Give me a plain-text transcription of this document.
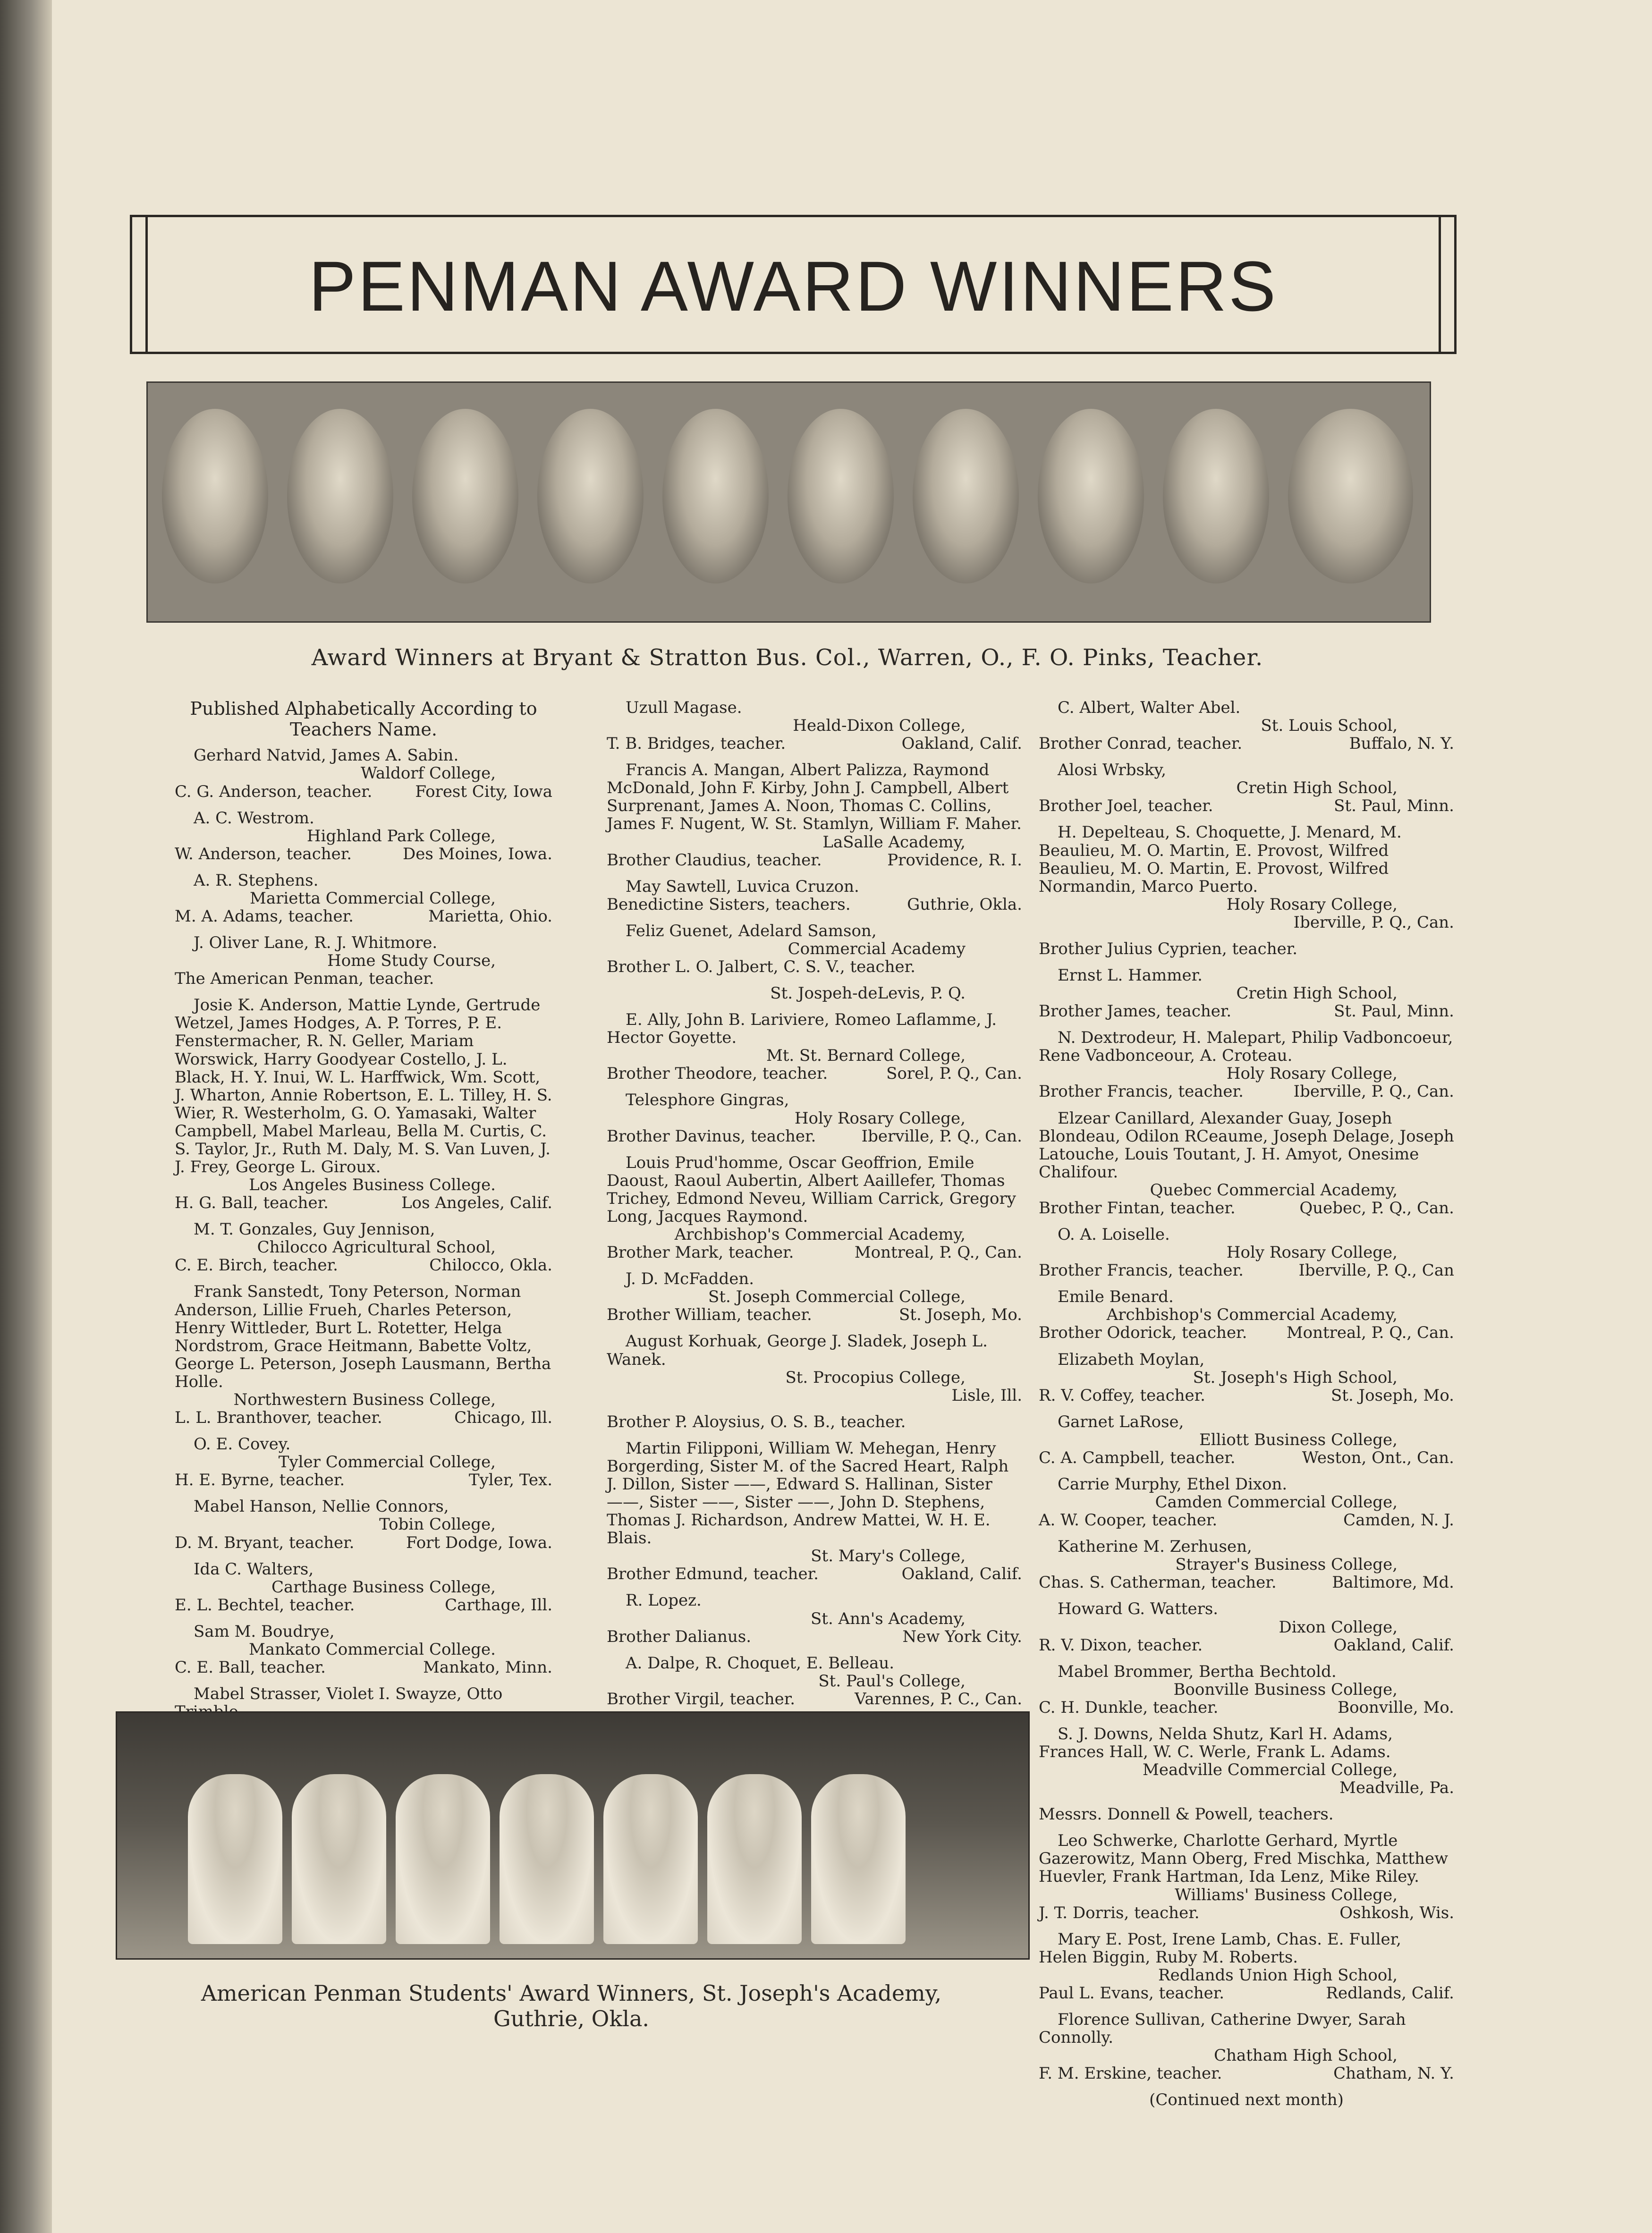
PENMAN AWARD WINNERS
Award Winners at Bryant & Stratton Bus. Col., Warren, O., F. O. Pinks, Teacher.
Published Alphabetically According to Teachers Name.
Gerhard Natvid, James A. Sabin.
Waldorf College,
C. G. Anderson, teacher.	Forest City, Iowa
A. C. Westrom.
Highland Park College,
W. Anderson, teacher.	Des Moines, Iowa.
A. R. Stephens.
Marietta Commercial College,
M. A. Adams, teacher.	Marietta, Ohio.
J. Oliver Lane, R. J. Whitmore.
Home Study Course,
The American Penman, teacher.
Josie K. Anderson, Mattie Lynde, Gertrude Wetzel, James Hodges, A. P. Torres, P. E. Fenstermacher, R. N. Geller, Mariam Worswick, Harry Goodyear Costello, J. L. Black, H. Y. Inui, W. L. Harffwick, Wm. Scott, J. Wharton, Annie Robertson, E. L. Tilley, H. S. Wier, R. Westerholm, G. O. Yamasaki, Walter Campbell, Mabel Marleau, Bella M. Curtis, C. S. Taylor, Jr., Ruth M. Daly, M. S. Van Luven, J. J. Frey, George L. Giroux.
Los Angeles Business College.
H. G. Ball, teacher.	Los Angeles, Calif.
M. T. Gonzales, Guy Jennison,
Chilocco Agricultural School,
C. E. Birch, teacher.	Chilocco, Okla.
Frank Sanstedt, Tony Peterson, Norman Anderson, Lillie Frueh, Charles Peterson, Henry Wittleder, Burt L. Rotetter, Helga Nordstrom, Grace Heitmann, Babette Voltz, George L. Peterson, Joseph Lausmann, Bertha Holle.
Northwestern Business College,
L. L. Branthover, teacher.	Chicago, Ill.
O. E. Covey.
Tyler Commercial College,
H. E. Byrne, teacher.	Tyler, Tex.
Mabel Hanson, Nellie Connors,
Tobin College,
D. M. Bryant, teacher.	Fort Dodge, Iowa.
Ida C. Walters,
Carthage Business College,
E. L. Bechtel, teacher.	Carthage, Ill.
Sam M. Boudrye,
Mankato Commercial College.
C. E. Ball, teacher.	Mankato, Minn.
Mabel Strasser, Violet I. Swayze, Otto
Uzull Magase.
Heald-Dixon College,
T. B. Bridges, teacher.	Oakland, Calif.
Francis A. Mangan, Albert Palizza, Raymond McDonald, John F. Kirby, John J. Campbell, Albert Surprenant, James A. Noon, Thomas C. Collins, James F. Nugent, W. St. Stamlyn, William F. Maher.
LaSalle Academy,
Brother Claudius, teacher.	Providence, R. I.
May Sawtell, Luvica Cruzon.
Benedictine Sisters, teachers.	Guthrie, Okla.
Feliz Guenet, Adelard Samson,
Commercial Academy
Brother L. O. Jalbert, C. S. V., teacher.
St. Jospeh-deLevis, P. Q.
E. Ally, John B. Lariviere, Romeo Laflamme, J. Hector Goyette.
Mt. St. Bernard College,
Brother Theodore, teacher.	Sorel, P. Q., Can.
Telesphore Gingras,
Holy Rosary College,
Brother Davinus, teacher.	Iberville, P. Q., Can.
Louis Prud'homme, Oscar Geoffrion, Emile Daoust, Raoul Aubertin, Albert Aaillefer, Thomas Trichey, Edmond Neveu, William Carrick, Gregory Long, Jacques Raymond.
Archbishop's Commercial Academy,
Brother Mark, teacher.	Montreal, P. Q., Can.
J. D. McFadden.
St. Joseph Commercial College,
Brother William, teacher.	St. Joseph, Mo.
August Korhuak, George J. Sladek, Joseph L. Wanek.
St. Procopius College,
Lisle, Ill.
Brother P. Aloysius, O. S. B., teacher.
Martin Filipponi, William W. Mehegan, Henry Borgerding, Sister M. of the Sacred Heart, Ralph J. Dillon, Sister ——, Edward S. Hallinan, Sister ——, Sister ——, Sister ——, John D. Stephens, Thomas J. Richardson, Andrew Mattei, W. H. E. Blais.
St. Mary's College,
Brother Edmund, teacher.	Oakland, Calif.
R. Lopez.
St. Ann's Academy,
Brother Dalianus.	New York City.
A. Dalpe, R. Choquet, E. Belleau.
St. Paul's College,
Brother Virgil, teacher.	Varennes, P. C., Can.
C. Albert, Walter Abel.
St. Louis School,
Brother Conrad, teacher.	Buffalo, N. Y.
Alosi Wrbsky,
Cretin High School,
Brother Joel, teacher.	St. Paul, Minn.
H. Depelteau, S. Choquette, J. Menard, M. Beaulieu, M. O. Martin, E. Provost, Wilfred Beaulieu, M. O. Martin, E. Provost, Wilfred Normandin, Marco Puerto.
Holy Rosary College,
Iberville, P. Q., Can.
Brother Julius Cyprien, teacher.
Ernst L. Hammer.
Cretin High School,
Brother James, teacher.	St. Paul, Minn.
N. Dextrodeur, H. Malepart, Philip Vadboncoeur, Rene Vadbonceour, A. Croteau.
Holy Rosary College,
Brother Francis, teacher.	Iberville, P. Q., Can.
Elzear Canillard, Alexander Guay, Joseph Blondeau, Odilon RCeaume, Joseph Delage, Joseph Latouche, Louis Toutant, J. H. Amyot, Onesime Chalifour.
Quebec Commercial Academy,
Brother Fintan, teacher.	Quebec, P. Q., Can.
O. A. Loiselle.
Holy Rosary College,
Brother Francis, teacher.	Iberville, P. Q., Can
Emile Benard.
Archbishop's Commercial Academy,
Brother Odorick, teacher. Montreal, P. Q., Can.
Elizabeth Moylan,
St. Joseph's High School,
R. V. Coffey, teacher.	St. Joseph, Mo.
Garnet LaRose,
Elliott Business College,
C. A. Campbell, teacher.	Weston, Ont., Can.
Carrie Murphy, Ethel Dixon.
Camden Commercial College,
A. W. Cooper, teacher.	Camden, N. J.
Katherine M. Zerhusen,
Strayer's Business College,
Chas. S. Catherman, teacher.	Baltimore, Md.
Howard G. Watters.
Dixon College,
R. V. Dixon, teacher.	Oakland, Calif.
Mabel Brommer, Bertha Bechtold.
Boonville Business College,
C. H. Dunkle, teacher.	Boonville, Mo.
S. J. Downs, Nelda Shutz, Karl H. Adams, Frances Hall, W. C. Werle, Frank L. Adams.
Meadville Commercial College,
Meadville, Pa.
Messrs. Donnell & Powell, teachers.
Leo Schwerke, Charlotte Gerhard, Myrtle Gazerowitz, Mann Oberg, Fred Mischka, Matthew Huevler, Frank Hartman, Ida Lenz, Mike Riley.
Williams' Business College,
J. T. Dorris, teacher.	Oshkosh, Wis.
Mary E. Post, Irene Lamb, Chas. E. Fuller, Helen Biggin, Ruby M. Roberts.
Redlands Union High School,
Paul L. Evans, teacher.	Redlands, Calif.
Florence Sullivan, Catherine Dwyer, Sarah Connolly.
Chatham High School,
F. M. Erskine, teacher.	Chatham, N. Y.
(Continued next month)
American Penman Students' Award Winners, St. Joseph's Academy,
Guthrie, Okla.
